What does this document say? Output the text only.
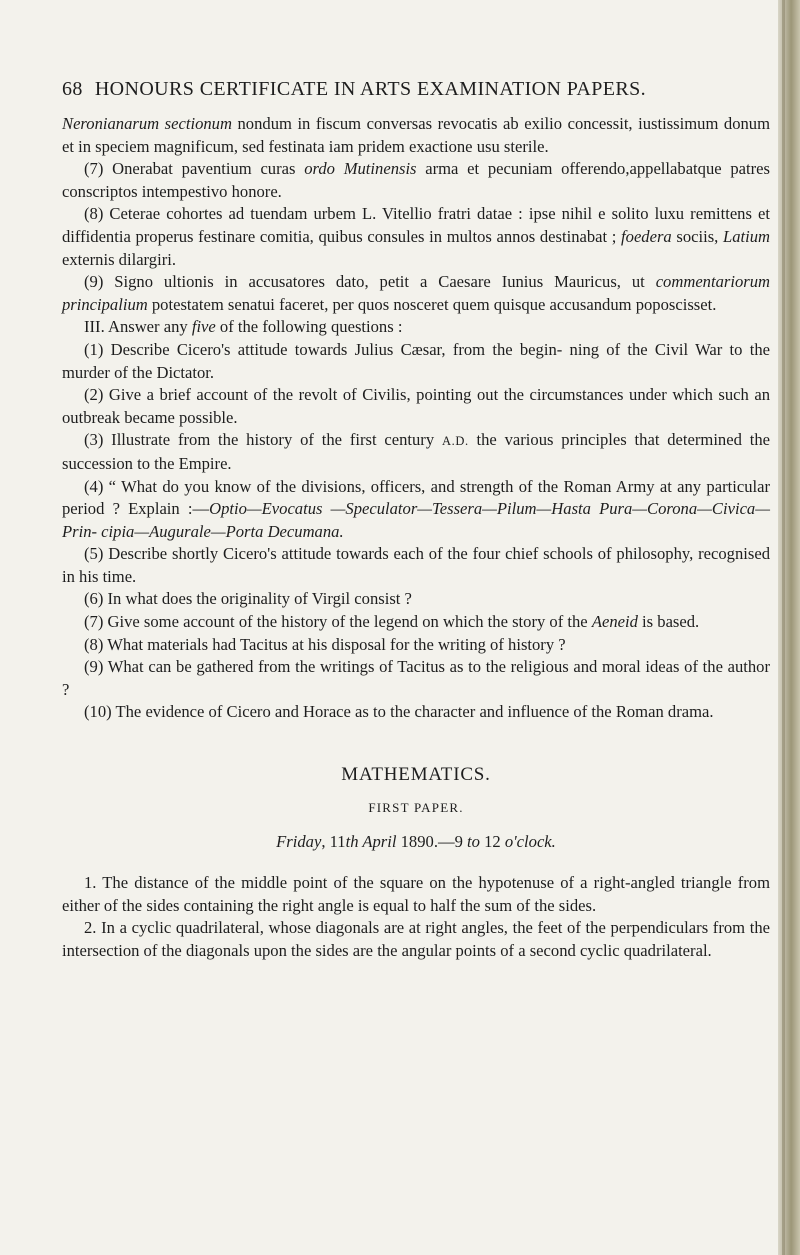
68 HONOURS CERTIFICATE IN ARTS EXAMINATION PAPERS.

Neronianarum sectionum nondum in fiscum conversas revocatis ab exilio concessit, iustissimum donum et in speciem magnificum, sed festinata iam pridem exactione usu sterile.

(7) Onerabat paventium curas ordo Mutinensis arma et pecuniam offerendo,appellabatque patres conscriptos intempestivo honore.

(8) Ceterae cohortes ad tuendam urbem L. Vitellio fratri datae : ipse nihil e solito luxu remittens et diffidentia properus festinare comitia, quibus consules in multos annos destinabat ; foedera sociis, Latium externis dilargiri.

(9) Signo ultionis in accusatores dato, petit a Caesare Iunius Mauricus, ut commentariorum principalium potestatem senatui faceret, per quos nosceret quem quisque accusandum poposcisset.

III. Answer any five of the following questions :

(1) Describe Cicero's attitude towards Julius Cæsar, from the begin- ning of the Civil War to the murder of the Dictator.

(2) Give a brief account of the revolt of Civilis, pointing out the circumstances under which such an outbreak became possible.

(3) Illustrate from the history of the first century A.D. the various principles that determined the succession to the Empire.

(4) “ What do you know of the divisions, officers, and strength of the Roman Army at any particular period ? Explain :—Optio—Evocatus —Speculator—Tessera—Pilum—Hasta Pura—Corona—Civica—Prin- cipia—Augurale—Porta Decumana.

(5) Describe shortly Cicero's attitude towards each of the four chief schools of philosophy, recognised in his time.

(6) In what does the originality of Virgil consist ?

(7) Give some account of the history of the legend on which the story of the Aeneid is based.

(8) What materials had Tacitus at his disposal for the writing of history ?

(9) What can be gathered from the writings of Tacitus as to the religious and moral ideas of the author ?

(10) The evidence of Cicero and Horace as to the character and influence of the Roman drama.

MATHEMATICS.
FIRST PAPER.
Friday, 11th April 1890.—9 to 12 o'clock.

1. The distance of the middle point of the square on the hypotenuse of a right-angled triangle from either of the sides containing the right angle is equal to half the sum of the sides.

2. In a cyclic quadrilateral, whose diagonals are at right angles, the feet of the perpendiculars from the intersection of the diagonals upon the sides are the angular points of a second cyclic quadrilateral.
